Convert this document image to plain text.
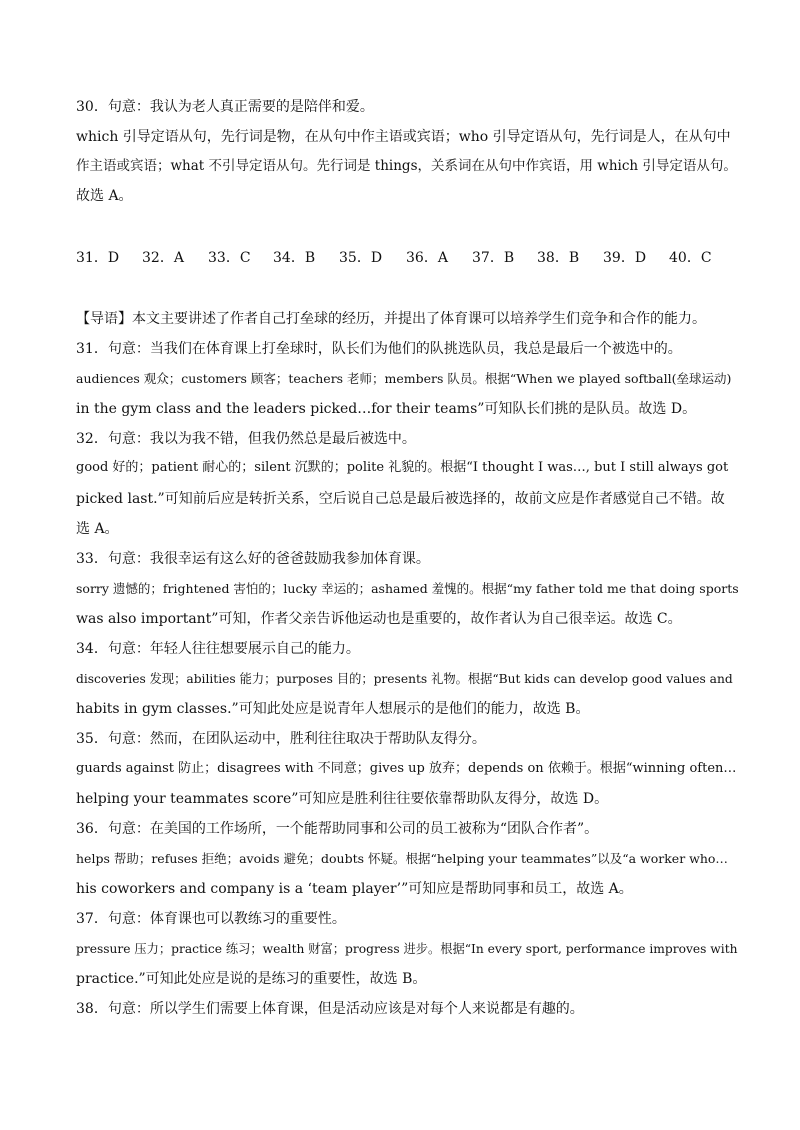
30．句意：我认为老人真正需要的是陪伴和爱。
which 引导定语从句，先行词是物，在从句中作主语或宾语；who 引导定语从句，先行词是人，在从句中
作主语或宾语；what 不引导定语从句。先行词是 things，关系词在从句中作宾语，用 which 引导定语从句。
故选 A。
31．D 32．A 33．C 34．B 35．D 36．A 37．B 38．B 39．D 40．C
【导语】本文主要讲述了作者自己打垒球的经历，并提出了体育课可以培养学生们竞争和合作的能力。
31．句意：当我们在体育课上打垒球时，队长们为他们的队挑选队员，我总是最后一个被选中的。
audiences 观众；customers 顾客；teachers 老师；members 队员。根据“When we played softball(垒球运动)
in the gym class and the leaders picked…for their teams”可知队长们挑的是队员。故选 D。
32．句意：我以为我不错，但我仍然总是最后被选中。
good 好的；patient 耐心的；silent 沉默的；polite 礼貌的。根据“I thought I was…, but I still always got
picked last.”可知前后应是转折关系，空后说自己总是最后被选择的，故前文应是作者感觉自己不错。故
选 A。
33．句意：我很幸运有这么好的爸爸鼓励我参加体育课。
sorry 遗憾的；frightened 害怕的；lucky 幸运的；ashamed 羞愧的。根据“my father told me that doing sports
was also important”可知，作者父亲告诉他运动也是重要的，故作者认为自己很幸运。故选 C。
34．句意：年轻人往往想要展示自己的能力。
discoveries 发现；abilities 能力；purposes 目的；presents 礼物。根据“But kids can develop good values and
habits in gym classes.”可知此处应是说青年人想展示的是他们的能力，故选 B。
35．句意：然而，在团队运动中，胜利往往取决于帮助队友得分。
guards against 防止；disagrees with 不同意；gives up 放弃；depends on 依赖于。根据“winning often…
helping your teammates score”可知应是胜利往往要依靠帮助队友得分，故选 D。
36．句意：在美国的工作场所，一个能帮助同事和公司的员工被称为“团队合作者”。
helps 帮助；refuses 拒绝；avoids 避免；doubts 怀疑。根据“helping your teammates”以及“a worker who…
his coworkers and company is a ‘team player’”可知应是帮助同事和员工，故选 A。
37．句意：体育课也可以教练习的重要性。
pressure 压力；practice 练习；wealth 财富；progress 进步。根据“In every sport, performance improves with
practice.”可知此处应是说的是练习的重要性，故选 B。
38．句意：所以学生们需要上体育课，但是活动应该是对每个人来说都是有趣的。
